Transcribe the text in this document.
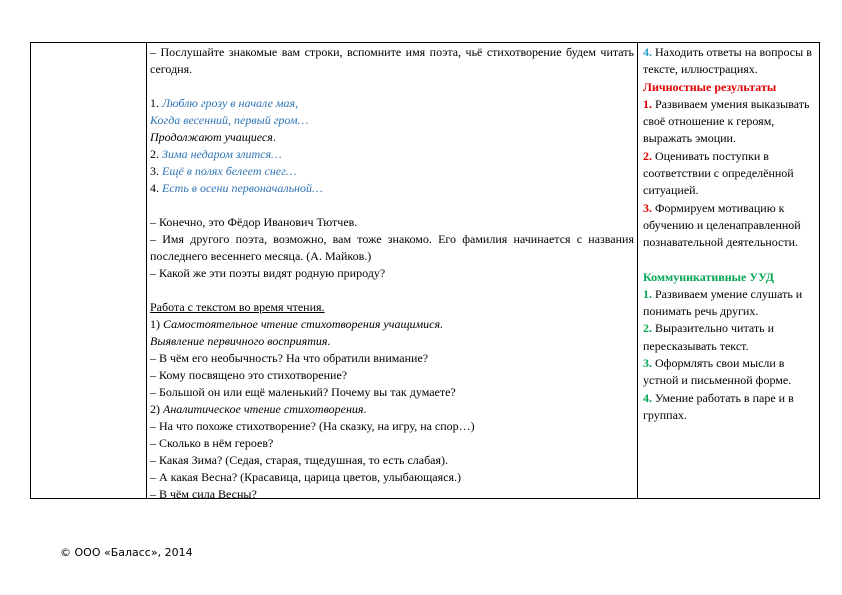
– Послушайте знакомые вам строки, вспомните имя поэта, чьё стихотворение будем читать сегодня.

1. Люблю грозу в начале мая,

Когда весенний, первый гром…

Продолжают учащиеся.

2. Зима недаром злится…

3. Ещё в полях белеет снег…

4. Есть в осени первоначальной…

– Конечно, это Фёдор Иванович Тютчев.

– Имя другого поэта, возможно, вам тоже знакомо. Его фамилия начинается с названия последнего весеннего месяца. (А. Майков.)

– Какой же эти поэты видят родную природу?

Работа с текстом во время чтения.

1) Самостоятельное чтение стихотворения учащимися.

Выявление первичного восприятия.

– В чём его необычность? На что обратили внимание?

– Кому посвящено это стихотворение?

– Большой он или ещё маленький? Почему вы так думаете?

2) Аналитическое чтение стихотворения.

– На что похоже стихотворение? (На сказку, на игру, на спор…)

– Сколько в нём героев?

– Какая Зима? (Седая, старая, тщедушная, то есть слабая).

– А какая Весна? (Красавица, царица цветов, улыбающаяся.)

– В чём сила Весны?

4. Находить ответы на вопросы в тексте, иллюстрациях.

Личностные результаты

1. Развиваем умения выказывать своё отношение к героям, выражать эмоции.

2. Оценивать поступки в соответствии с определённой ситуацией.

3. Формируем мотивацию к обучению и целенаправленной познавательной деятельности.

Коммуникативные УУД

1. Развиваем умение слушать и понимать речь других.

2. Выразительно читать и пересказывать текст.

3. Оформлять свои мысли в устной и письменной форме.

4. Умение работать в паре и в группах.

© ООО «Баласс», 2014
